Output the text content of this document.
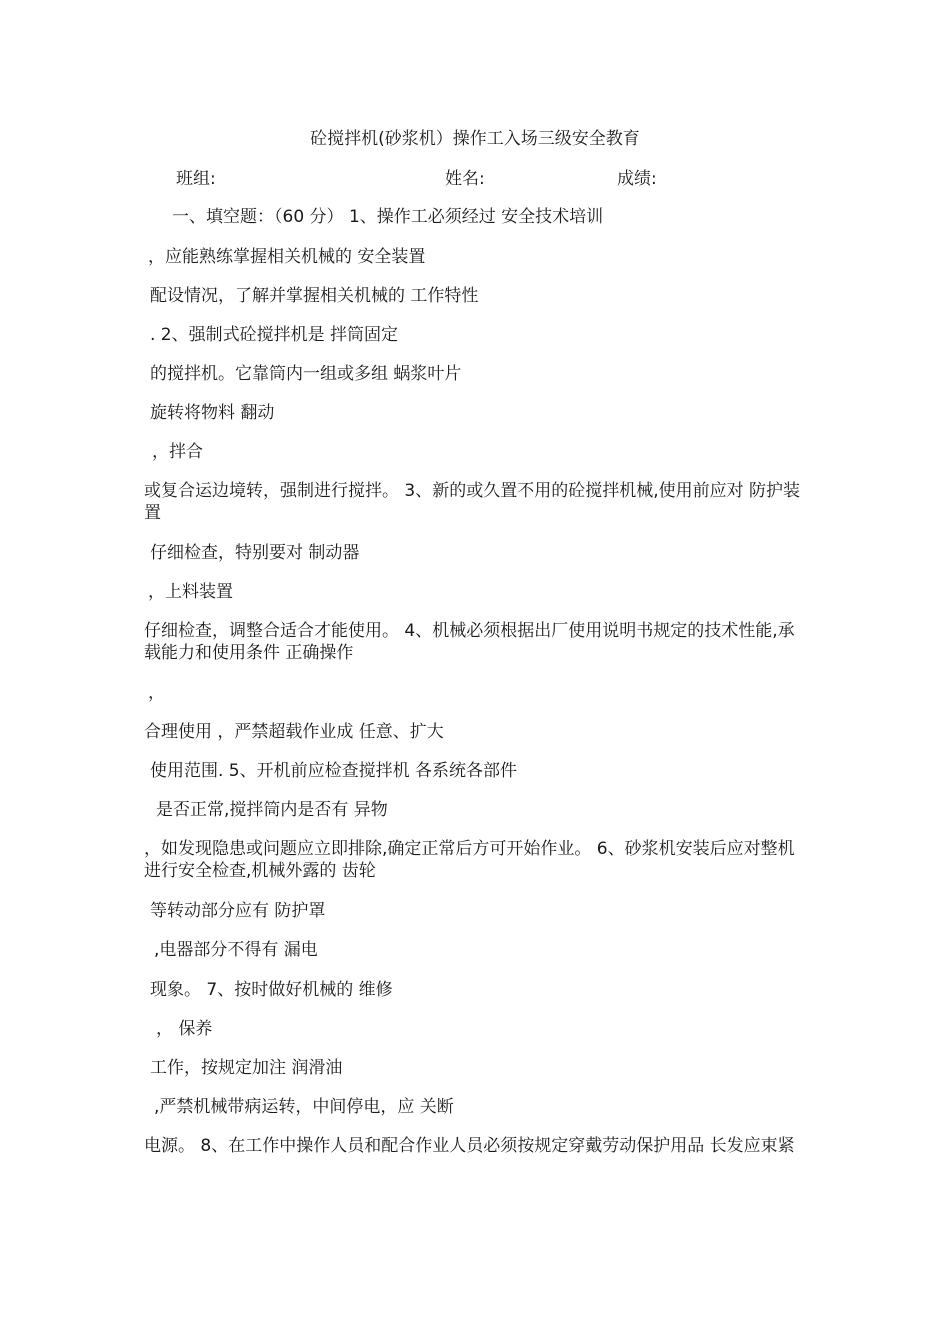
砼搅拌机(砂浆机）操作工入场三级安全教育
班组:	姓名:	成绩:
一、填空题：（60 分） 1、操作工必须经过 安全技术培训
，应能熟练掌握相关机械的 安全装置
配设情况，了解并掌握相关机械的 工作特性
. 2、强制式砼搅拌机是 拌筒固定
的搅拌机。它靠筒内一组或多组 蜗浆叶片
旋转将物料 翻动
，拌合
或复合运边境转，强制进行搅拌。 3、新的或久置不用的砼搅拌机械,使用前应对 防护装置
仔细检查，特别要对 制动器
，上料装置
仔细检查，调整合适合才能使用。 4、机械必须根据出厂使用说明书规定的技术性能,承载能力和使用条件 正确操作
，
合理使用 ，严禁超载作业成 任意、扩大
使用范围. 5、开机前应检查搅拌机 各系统各部件
是否正常,搅拌筒内是否有 异物
，如发现隐患或问题应立即排除,确定正常后方可开始作业。 6、砂浆机安装后应对整机进行安全检查,机械外露的 齿轮
等转动部分应有 防护罩
,电器部分不得有 漏电
现象。 7、按时做好机械的 维修
， 保养
工作，按规定加注 润滑油
,严禁机械带病运转，中间停电，应 关断
电源。 8、在工作中操作人员和配合作业人员必须按规定穿戴劳动保护用品 长发应束紧
